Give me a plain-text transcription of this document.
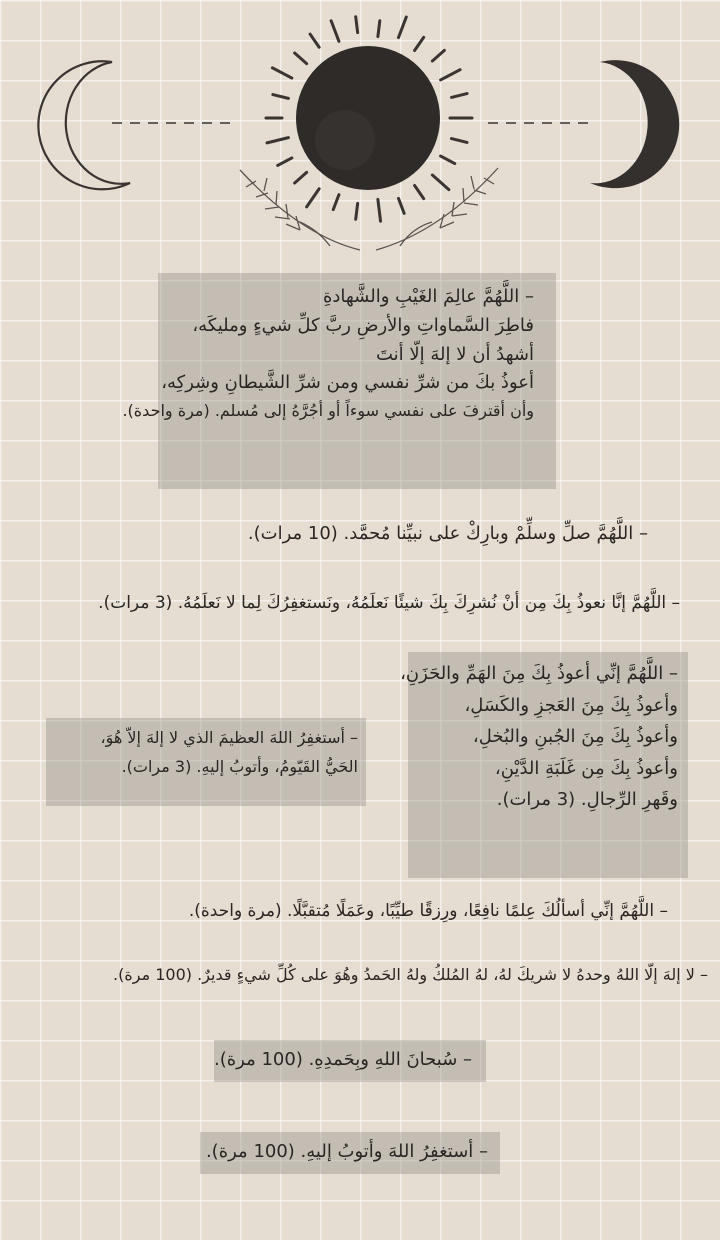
– اللَّهُمَّ عالِمَ الغَيْبِ والشَّهادةِ
فاطِرَ السَّماواتِ والأرضِ ربَّ كلِّ شيءٍ ومليكَه،
أشهدُ أن لا إلهَ إلّا أنتَ
أعوذُ بكَ من شرِّ نفسي ومن شرِّ الشَّيطانِ وشِركِه،
وأن أقترفَ على نفسي سوءاً أو أجُرَّهُ إلى مُسلم. (مرة واحدة).
– اللَّهُمَّ صلِّ وسلِّمْ وبارِكْ على نبيِّنا مُحمَّد. (10 مرات).
– اللَّهُمَّ إنَّا نعوذُ بِكَ مِن أنْ نُشرِكَ بِكَ شيئًا نَعلَمُهُ، ونَستغفِرُكَ لِما لا نَعلَمُهُ. (3 مرات).
– اللَّهُمَّ إنِّي أعوذُ بِكَ مِنَ الهَمِّ والحَزَنِ،
وأعوذُ بِكَ مِنَ العَجزِ والكَسَلِ،
وأعوذُ بِكَ مِنَ الجُبنِ والبُخلِ،
وأعوذُ بِكَ مِن غَلَبَةِ الدَّيْنِ،
وقَهرِ الرِّجالِ. (3 مرات).
– أستغفِرُ اللهَ العظيمَ الذي لا إلهَ إلاّ هُوَ،
الحَيُّ القَيّومُ، وأتوبُ إليهِ. (3 مرات).
– اللَّهُمَّ إنِّي أسألُكَ عِلمًا نافِعًا، ورِزقًا طيِّبًا، وعَمَلًا مُتقبَّلًا. (مرة واحدة).
– لا إلهَ إلّا اللهُ وحدهُ لا شريكَ لهُ، لهُ المُلكُ ولهُ الحَمدُ وهُوَ على كُلِّ شيءٍ قديرٌ. (100 مرة).
– سُبحانَ اللهِ وبِحَمدِهِ. (100 مرة).
– أستغفِرُ اللهَ وأتوبُ إليهِ. (100 مرة).
